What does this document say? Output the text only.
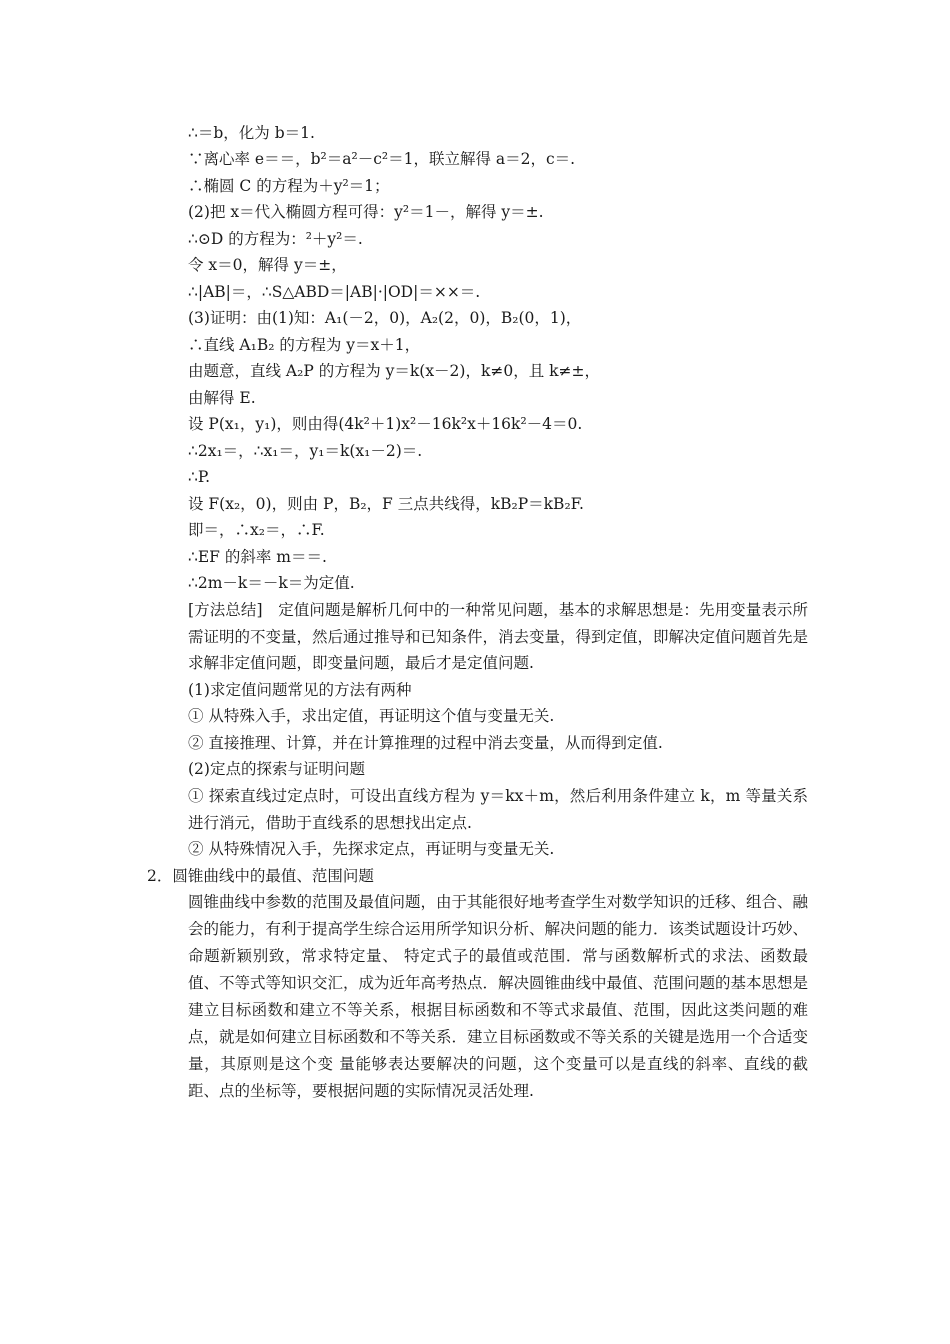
∴＝b，化为 b＝1.
∵离心率 e＝＝，b²＝a²－c²＝1，联立解得 a＝2，c＝.
∴椭圆 C 的方程为＋y²＝1；
(2)把 x＝代入椭圆方程可得：y²＝1－，解得 y＝±.
∴⊙D 的方程为：²＋y²＝.
令 x＝0，解得 y＝±，
∴|AB|＝，∴S△ABD＝|AB|·|OD|＝××＝.
(3)证明：由(1)知：A₁(－2，0)，A₂(2，0)，B₂(0，1)，
∴直线 A₁B₂ 的方程为 y＝x＋1，
由题意，直线 A₂P 的方程为 y＝k(x－2)，k≠0，且 k≠±，
由解得 E.
设 P(x₁，y₁)，则由得(4k²＋1)x²－16k²x＋16k²－4＝0.
∴2x₁＝，∴x₁＝，y₁＝k(x₁－2)＝.
∴P.
设 F(x₂，0)，则由 P，B₂，F 三点共线得，kB₂P＝kB₂F.
即＝，∴x₂＝，∴F.
∴EF 的斜率 m＝＝.
∴2m－k＝－k＝为定值.
[方法总结]　定值问题是解析几何中的一种常见问题，基本的求解思想是：先用变量表示所需证明的不变量，然后通过推导和已知条件，消去变量，得到定值，即解决定值问题首先是求解非定值问题，即变量问题，最后才是定值问题.
(1)求定值问题常见的方法有两种
① 从特殊入手，求出定值，再证明这个值与变量无关.
② 直接推理、计算，并在计算推理的过程中消去变量，从而得到定值.
(2)定点的探索与证明问题
① 探索直线过定点时，可设出直线方程为 y＝kx＋m，然后利用条件建立 k，m 等量关系进行消元，借助于直线系的思想找出定点.
② 从特殊情况入手，先探求定点，再证明与变量无关.
2．圆锥曲线中的最值、范围问题
圆锥曲线中参数的范围及最值问题，由于其能很好地考查学生对数学知识的迁移、组合、融会的能力，有利于提高学生综合运用所学知识分析、解决问题的能力．该类试题设计巧妙、命题新颖别致，常求特定量、 特定式子的最值或范围．常与函数解析式的求法、函数最值、不等式等知识交汇，成为近年高考热点．解决圆锥曲线中最值、范围问题的基本思想是建立目标函数和建立不等关系，根据目标函数和不等式求最值、范围，因此这类问题的难点，就是如何建立目标函数和不等关系．建立目标函数或不等关系的关键是选用一个合适变量，其原则是这个变 量能够表达要解决的问题，这个变量可以是直线的斜率、直线的截距、点的坐标等，要根据问题的实际情况灵活处理.
